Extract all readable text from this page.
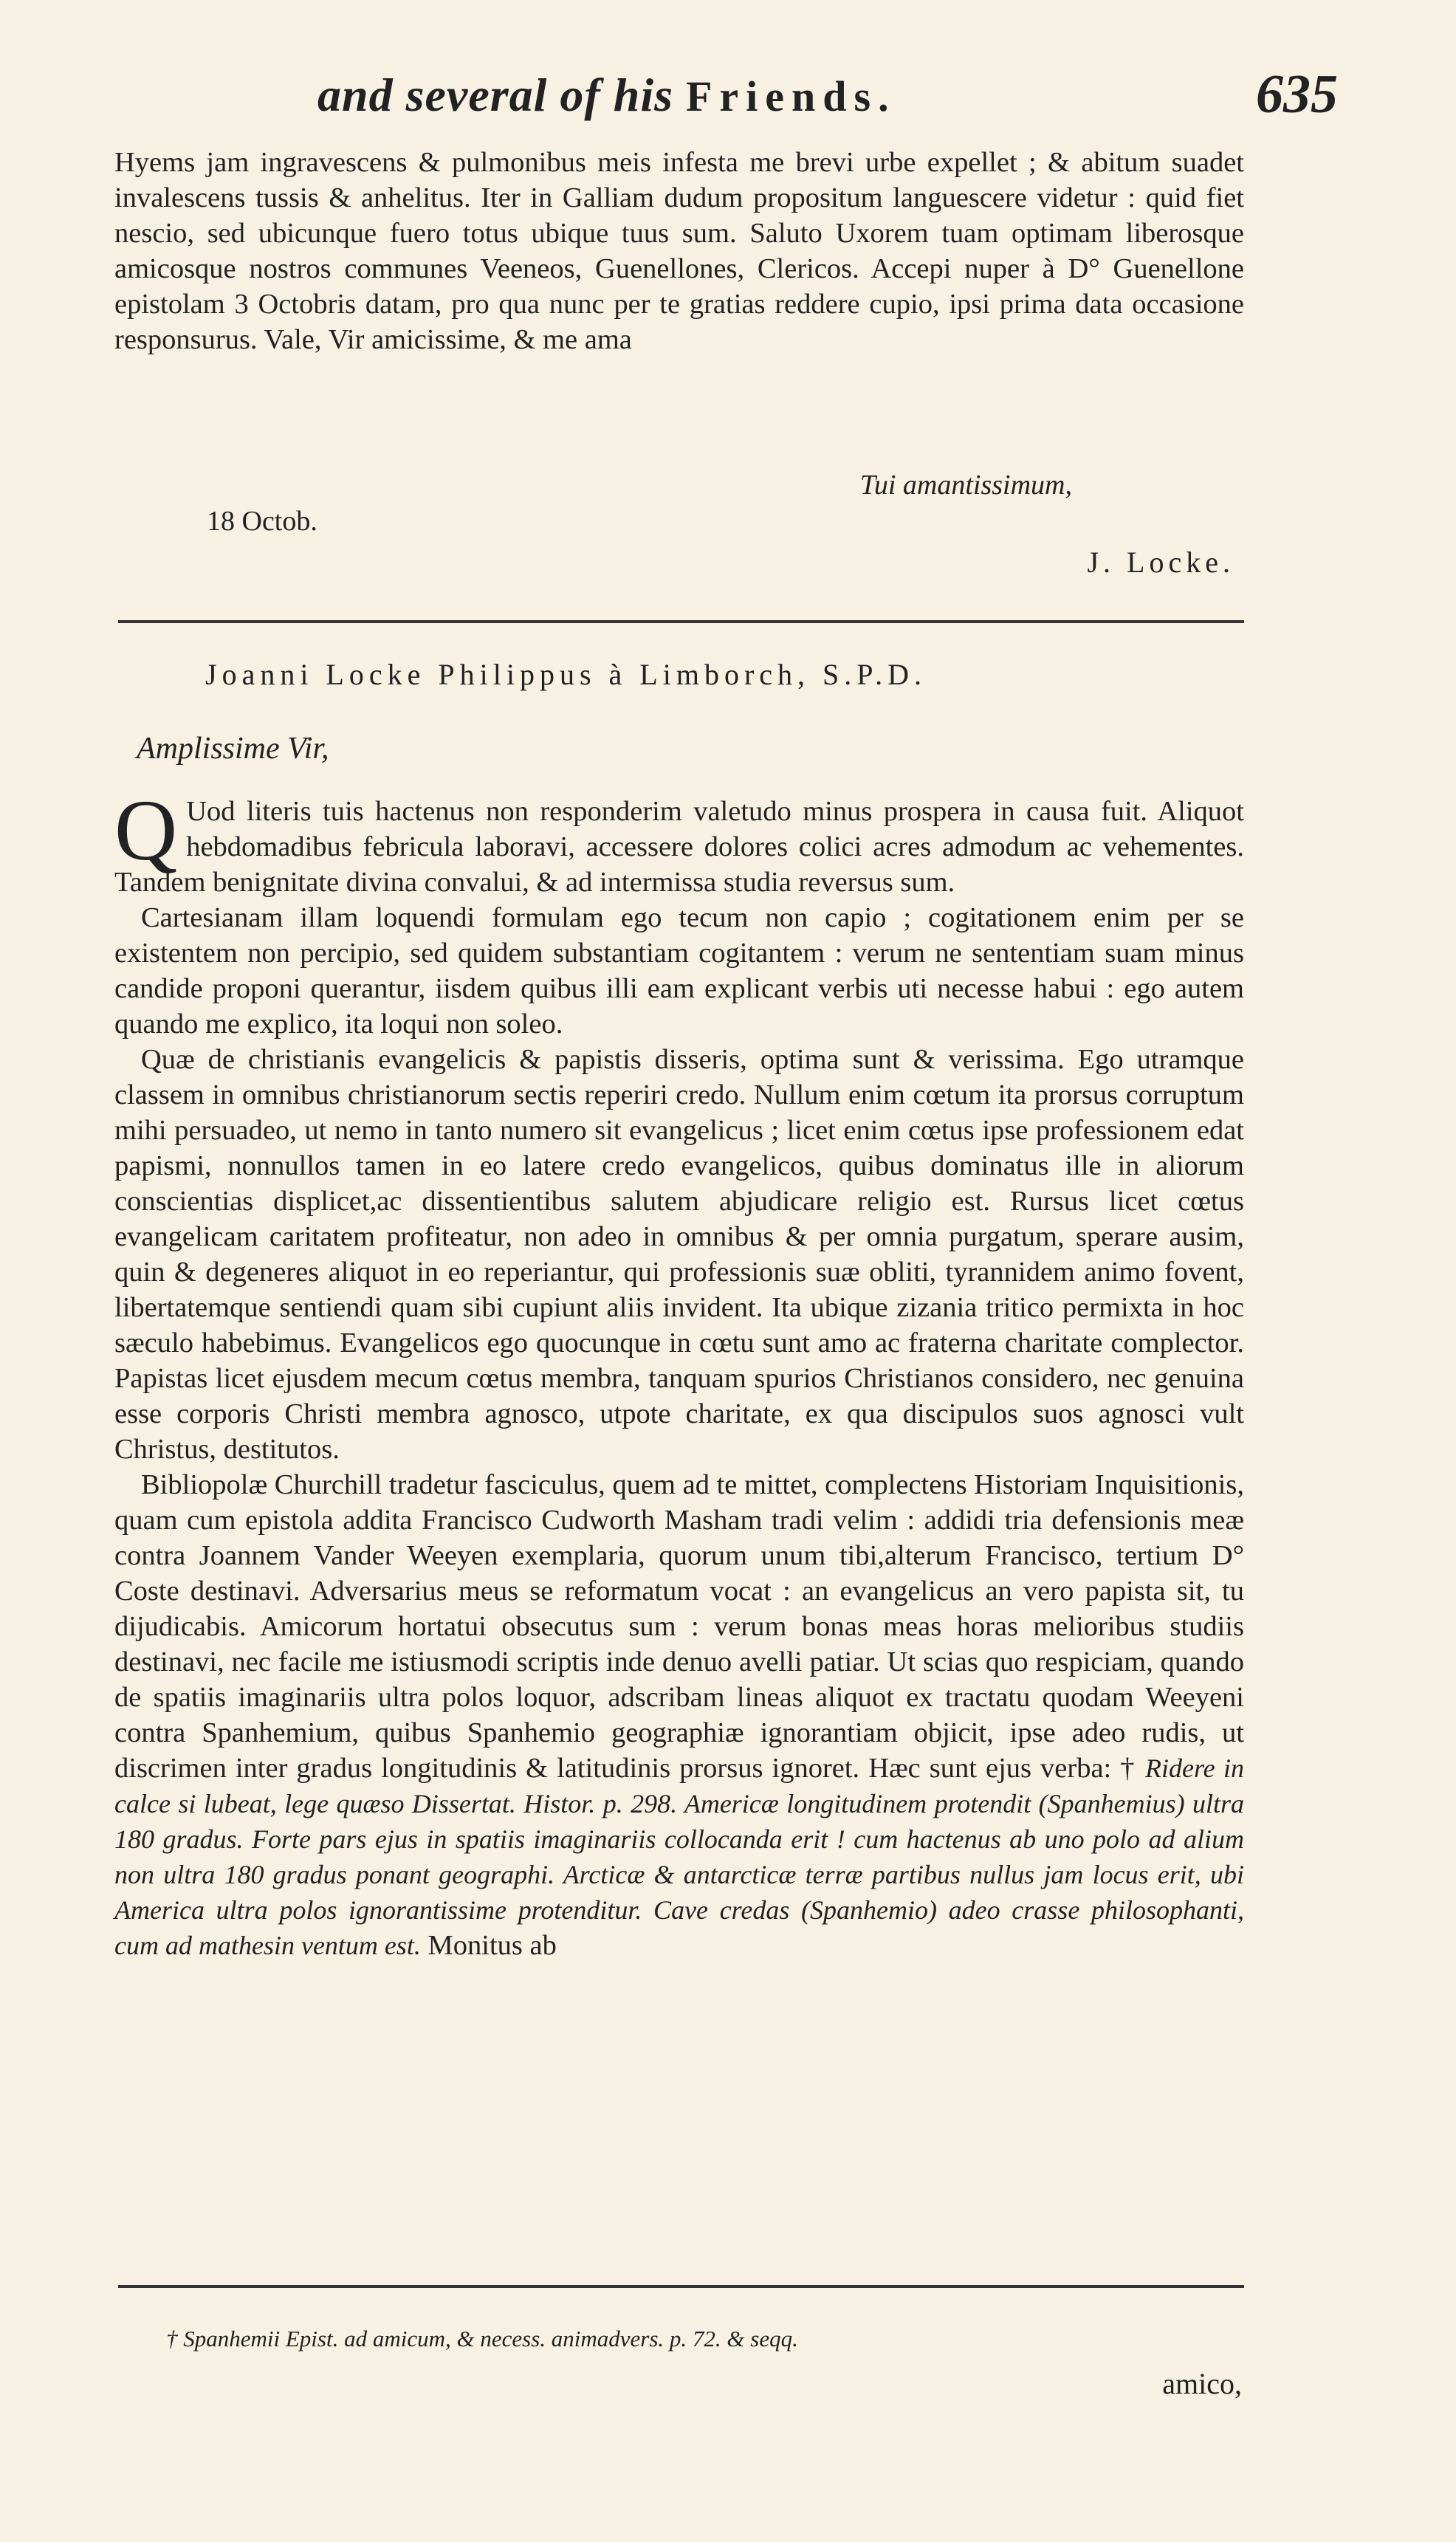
and several of his Friends.	635

Hyems jam ingravescens & pulmonibus meis infesta me brevi urbe expellet ; & abitum suadet invalescens tussis & anhelitus. Iter in Galliam dudum propositum languescere videtur : quid fiet nescio, sed ubicunque fuero totus ubique tuus sum. Saluto Uxorem tuam optimam liberosque amicosque nostros communes Veeneos, Guenellones, Clericos. Accepi nuper à D° Guenellone epistolam 3 Octobris datam, pro qua nunc per te gratias reddere cupio, ipsi prima data occasione responsurus. Vale, Vir amicissime, & me ama

Tui amantissimum,
18 Octob.
J. Locke.
Joanni Locke Philippus à Limborch, S.P.D.
Amplissime Vir,

Q Uod literis tuis hactenus non responderim valetudo minus prospera in causa fuit. Aliquot hebdomadibus febricula laboravi, accessere dolores colici acres admodum ac vehementes. Tandem benignitate divina convalui, & ad intermissa studia reversus sum.

Cartesianam illam loquendi formulam ego tecum non capio ; cogitationem enim per se existentem non percipio, sed quidem substantiam cogitantem : verum ne sententiam suam minus candide proponi querantur, iisdem quibus illi eam explicant verbis uti necesse habui : ego autem quando me explico, ita loqui non soleo.

Quæ de christianis evangelicis & papistis disseris, optima sunt & verissima. Ego utramque classem in omnibus christianorum sectis reperiri credo. Nullum enim cœtum ita prorsus corruptum mihi persuadeo, ut nemo in tanto numero sit evangelicus ; licet enim cœtus ipse professionem edat papismi, nonnullos tamen in eo latere credo evangelicos, quibus dominatus ille in aliorum conscientias displicet,ac dissentientibus salutem abjudicare religio est. Rursus licet cœtus evangelicam caritatem profiteatur, non adeo in omnibus & per omnia purgatum, sperare ausim, quin & degeneres aliquot in eo reperiantur, qui professionis suæ obliti, tyrannidem animo fovent, libertatemque sentiendi quam sibi cupiunt aliis invident. Ita ubique zizania tritico permixta in hoc sæculo habebimus. Evangelicos ego quocunque in cœtu sunt amo ac fraterna charitate complector. Papistas licet ejusdem mecum cœtus membra, tanquam spurios Christianos considero, nec genuina esse corporis Christi membra agnosco, utpote charitate, ex qua discipulos suos agnosci vult Christus, destitutos.

Bibliopolæ Churchill tradetur fasciculus, quem ad te mittet, complectens Historiam Inquisitionis, quam cum epistola addita Francisco Cudworth Masham tradi velim : addidi tria defensionis meæ contra Joannem Vander Weeyen exemplaria, quorum unum tibi,alterum Francisco, tertium D° Coste destinavi. Adversarius meus se reformatum vocat : an evangelicus an vero papista sit, tu dijudicabis. Amicorum hortatui obsecutus sum : verum bonas meas horas melioribus studiis destinavi, nec facile me istiusmodi scriptis inde denuo avelli patiar. Ut scias quo respiciam, quando de spatiis imaginariis ultra polos loquor, adscribam lineas aliquot ex tractatu quodam Weeyeni contra Spanhemium, quibus Spanhemio geographiæ ignorantiam objicit, ipse adeo rudis, ut discrimen inter gradus longitudinis & latitudinis prorsus ignoret. Hæc sunt ejus verba: † Ridere in calce si lubeat, lege quæso Dissertat. Histor. p. 298. Americæ longitudinem protendit (Spanhemius) ultra 180 gradus. Forte pars ejus in spatiis imaginariis collocanda erit ! cum hactenus ab uno polo ad alium non ultra 180 gradus ponant geographi. Arcticæ & antarcticæ terræ partibus nullus jam locus erit, ubi America ultra polos ignorantissime protenditur. Cave credas (Spanhemio) adeo crasse philosophanti, cum ad mathesin ventum est. Monitus ab

† Spanhemii Epist. ad amicum, & necess. animadvers. p. 72. & seqq.
amico,
